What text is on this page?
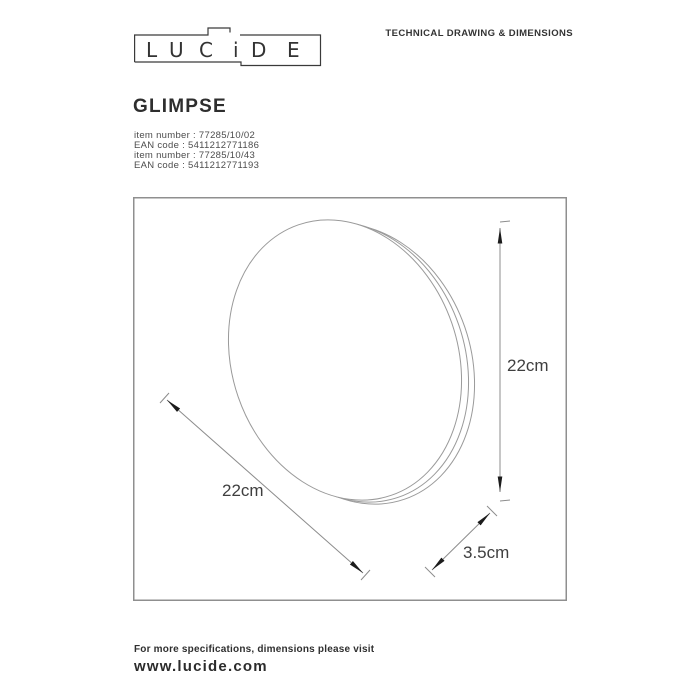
L U C i D E
TECHNICAL DRAWING & DIMENSIONS
GLIMPSE
item number : 77285/10/02
EAN code : 5411212771186
item number : 77285/10/43
EAN code : 5411212771193
22cm
22cm
3.5cm
For more specifications, dimensions please visit
www.lucide.com
